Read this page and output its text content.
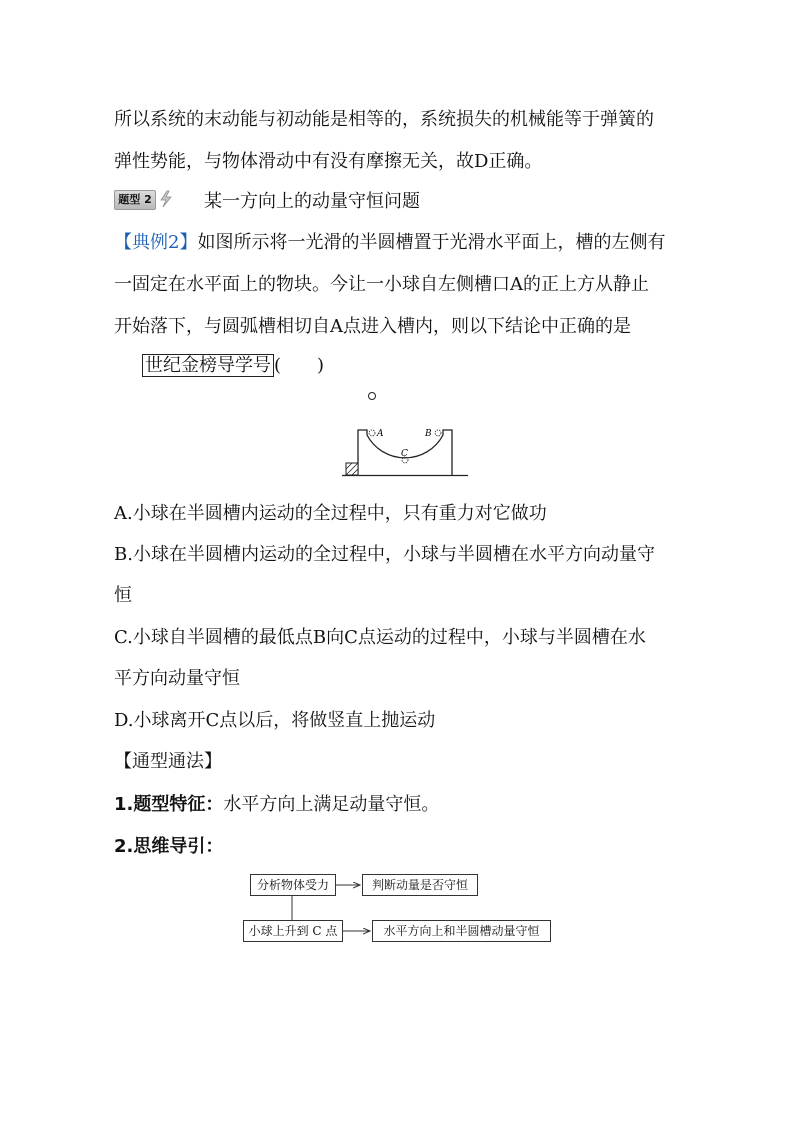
所以系统的末动能与初动能是相等的，系统损失的机械能等于弹簧的
弹性势能，与物体滑动中有没有摩擦无关，故D正确。
题型 2	某一方向上的动量守恒问题
【典例2】如图所示将一光滑的半圆槽置于光滑水平面上，槽的左侧有
一固定在水平面上的物块。今让一小球自左侧槽口A的正上方从静止
开始落下，与圆弧槽相切自A点进入槽内，则以下结论中正确的是
世纪金榜导学号 (　　)
A	B
C
A.小球在半圆槽内运动的全过程中，只有重力对它做功
B.小球在半圆槽内运动的全过程中，小球与半圆槽在水平方向动量守
恒
C.小球自半圆槽的最低点B向C点运动的过程中，小球与半圆槽在水
平方向动量守恒
D.小球离开C点以后，将做竖直上抛运动
【通型通法】
1.题型特征：水平方向上满足动量守恒。
2.思维导引：
分析物体受力	判断动量是否守恒
小球上升到 C 点	水平方向上和半圆槽动量守恒
